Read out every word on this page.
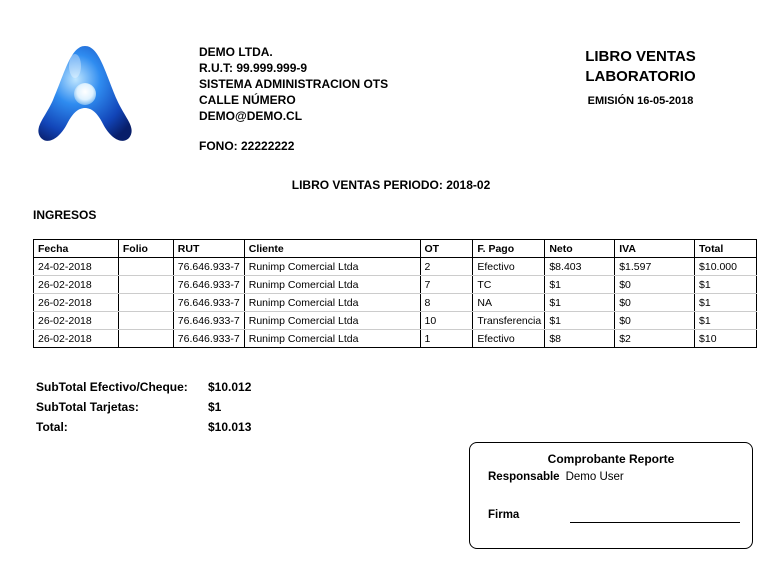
DEMO LTDA.
R.U.T: 99.999.999-9
SISTEMA ADMINISTRACION OTS
CALLE NÚMERO
DEMO@DEMO.CL
FONO: 22222222
LIBRO VENTAS
LABORATORIO
EMISIÓN 16-05-2018
LIBRO VENTAS PERIODO: 2018-02
INGRESOS
Fecha	Folio	RUT	Cliente	OT	F. Pago	Neto	IVA	Total
24-02-2018		76.646.933-7	Runimp Comercial Ltda	2	Efectivo	$8.403	$1.597	$10.000
26-02-2018		76.646.933-7	Runimp Comercial Ltda	7	TC	$1	$0	$1
26-02-2018		76.646.933-7	Runimp Comercial Ltda	8	NA	$1	$0	$1
26-02-2018		76.646.933-7	Runimp Comercial Ltda	10	Transferencia	$1	$0	$1
26-02-2018		76.646.933-7	Runimp Comercial Ltda	1	Efectivo	$8	$2	$10
SubTotal Efectivo/Cheque:	$10.012
SubTotal Tarjetas:	$1
Total:	$10.013
Comprobante Reporte
Responsable Demo User
Firma
